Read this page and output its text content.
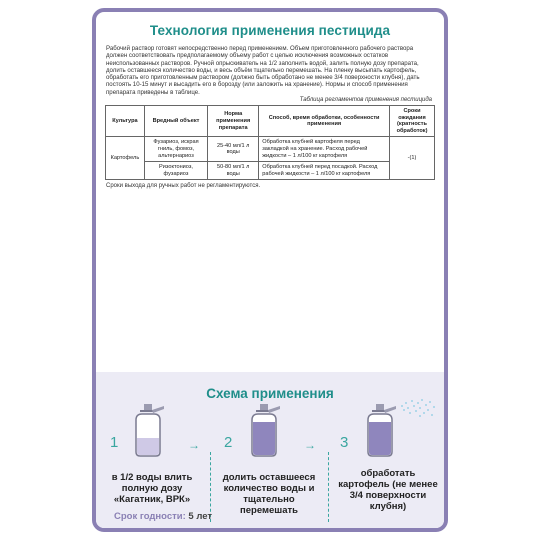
Технология применения пестицида

Рабочий раствор готовят непосредственно перед применением. Объем приготовленного рабочего раствора должен соответствовать предполагаемому объему работ с целью исключения возможных остатков неиспользованных растворов. Ручной опрыскиватель на 1/2 заполнить водой, залить полную дозу препарата, долить оставшееся количество воды, и весь объём тщательно перемешать. На пленку высыпать картофель, обработать его приготовленным раствором (должно быть обработано не менее 3/4 поверхности клубня), дать постоять 10-15 минут и высадить его в борозду (или заложить на хранение). Нормы и способ применения препарата приведены в таблице.

Таблица регламентов применения пестицида
Культура	Вредный объект	Норма применения препарата	Способ, время обработки, особенности применения	Сроки ожидания (кратность обработок)
Картофель	Фузариоз, искрая гниль, фомоз, альтернариоз	25-40 мл/1 л воды	Обработка клубней картофеля перед закладкой на хранение. Расход рабочей жидкости – 1 л/100 кг картофеля	-(1)
	Ризоктониоз, фузариоз	50-80 мл/1 л воды	Обработка клубней перед посадкой. Расход рабочей жидкости – 1 л/100 кг картофеля	
Сроки выхода для ручных работ не регламентируются.
Схема применения
1	→
в 1/2 воды влить полную дозу «Кагатник, ВРК»
2	→
долить оставшееся количество воды и тщательно перемешать
3
обработать картофель (не менее 3/4 поверхности клубня)
Срок годности: 5 лет
